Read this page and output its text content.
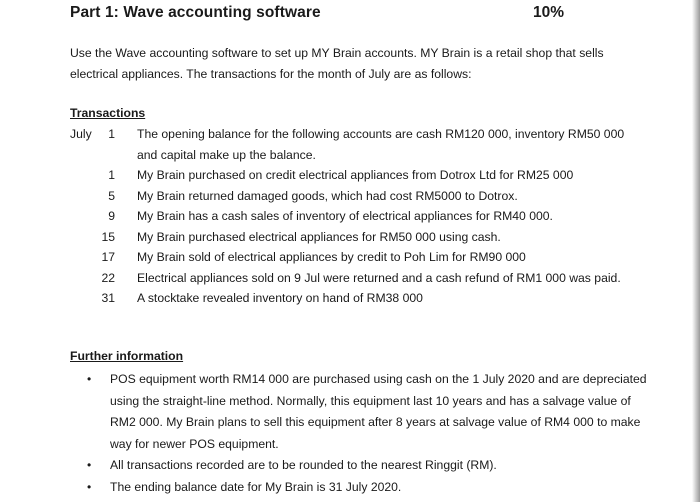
Part 1: Wave accounting software	10%
Use the Wave accounting software to set up MY Brain accounts. MY Brain is a retail shop that sells electrical appliances. The transactions for the month of July are as follows:
Transactions
July 1 The opening balance for the following accounts are cash RM120 000, inventory RM50 000 and capital make up the balance.
1 My Brain purchased on credit electrical appliances from Dotrox Ltd for RM25 000
5 My Brain returned damaged goods, which had cost RM5000 to Dotrox.
9 My Brain has a cash sales of inventory of electrical appliances for RM40 000.
15 My Brain purchased electrical appliances for RM50 000 using cash.
17 My Brain sold of electrical appliances by credit to Poh Lim for RM90 000
22 Electrical appliances sold on 9 Jul were returned and a cash refund of RM1 000 was paid.
31 A stocktake revealed inventory on hand of RM38 000
Further information
• POS equipment worth RM14 000 are purchased using cash on the 1 July 2020 and are depreciated using the straight-line method. Normally, this equipment last 10 years and has a salvage value of RM2 000. My Brain plans to sell this equipment after 8 years at salvage value of RM4 000 to make way for newer POS equipment.
• All transactions recorded are to be rounded to the nearest Ringgit (RM).
• The ending balance date for My Brain is 31 July 2020.
